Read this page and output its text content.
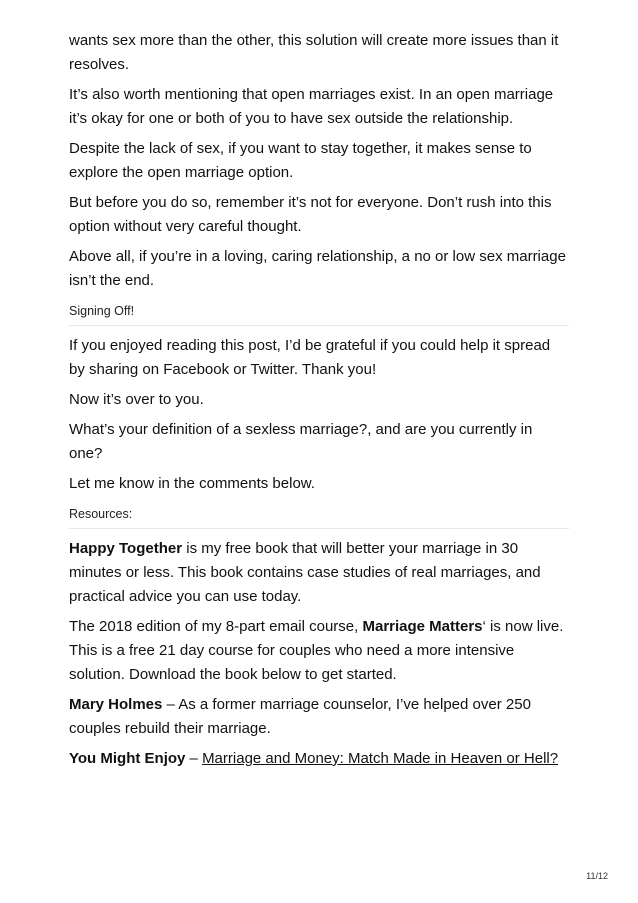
wants sex more than the other, this solution will create more issues than it resolves.

It’s also worth mentioning that open marriages exist. In an open marriage it’s okay for one or both of you to have sex outside the relationship.

Despite the lack of sex, if you want to stay together, it makes sense to explore the open marriage option.

But before you do so, remember it’s not for everyone. Don’t rush into this option without very careful thought.

Above all, if you’re in a loving, caring relationship, a no or low sex marriage isn’t the end.

Signing Off!

If you enjoyed reading this post, I’d be grateful if you could help it spread by sharing on Facebook or Twitter. Thank you!

Now it’s over to you.

What’s your definition of a sexless marriage?, and are you currently in one?

Let me know in the comments below.

Resources:

Happy Together is my free book that will better your marriage in 30 minutes or less. This book contains case studies of real marriages, and practical advice you can use today.

The 2018 edition of my 8-part email course, Marriage Matters‘ is now live. This is a free 21 day course for couples who need a more intensive solution. Download the book below to get started.

Mary Holmes – As a former marriage counselor, I’ve helped over 250 couples rebuild their marriage.

You Might Enjoy – Marriage and Money: Match Made in Heaven or Hell?

11/12
